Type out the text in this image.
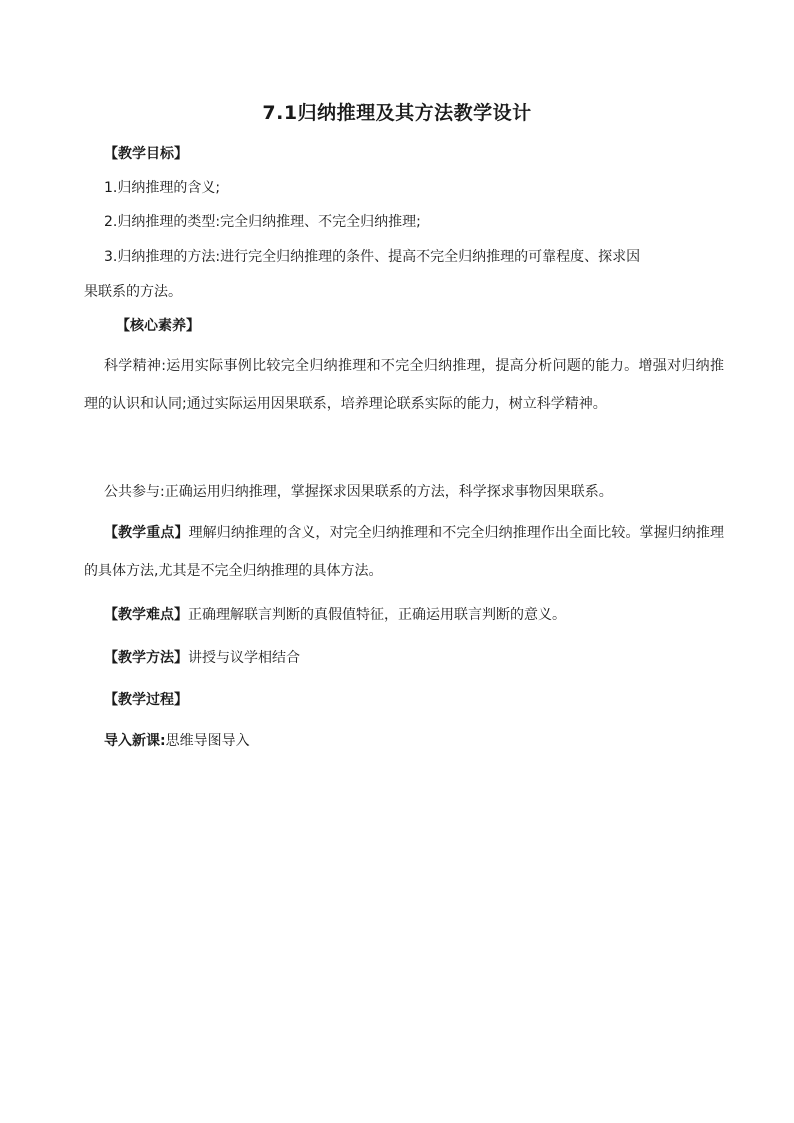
7.1归纳推理及其方法教学设计
【教学目标】
1.归纳推理的含义;
2.归纳推理的类型:完全归纳推理、不完全归纳推理;
3.归纳推理的方法:进行完全归纳推理的条件、提高不完全归纳推理的可靠程度、探求因
果联系的方法。
【核心素养】
科学精神:运用实际事例比较完全归纳推理和不完全归纳推理，提高分析问题的能力。增强对归纳推理的认识和认同;通过实际运用因果联系，培养理论联系实际的能力，树立科学精神。
公共参与:正确运用归纳推理，掌握探求因果联系的方法，科学探求事物因果联系。
【教学重点】理解归纳推理的含义，对完全归纳推理和不完全归纳推理作出全面比较。掌握归纳推理的具体方法,尤其是不完全归纳推理的具体方法。
【教学难点】正确理解联言判断的真假值特征，正确运用联言判断的意义。
【教学方法】讲授与议学相结合
【教学过程】
导入新课:思维导图导入
